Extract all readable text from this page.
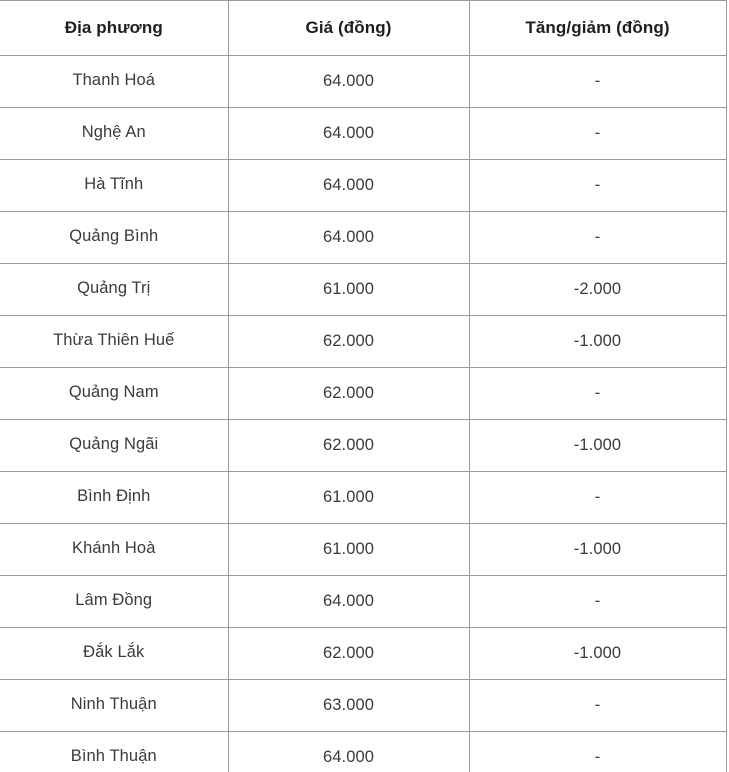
Địa phương	Giá (đồng)	Tăng/giảm (đồng)
Thanh Hoá	64.000	-
Nghệ An	64.000	-
Hà Tĩnh	64.000	-
Quảng Bình	64.000	-
Quảng Trị	61.000	-2.000
Thừa Thiên Huế	62.000	-1.000
Quảng Nam	62.000	-
Quảng Ngãi	62.000	-1.000
Bình Định	61.000	-
Khánh Hoà	61.000	-1.000
Lâm Đồng	64.000	-
Đắk Lắk	62.000	-1.000
Ninh Thuận	63.000	-
Bình Thuận	64.000	-
